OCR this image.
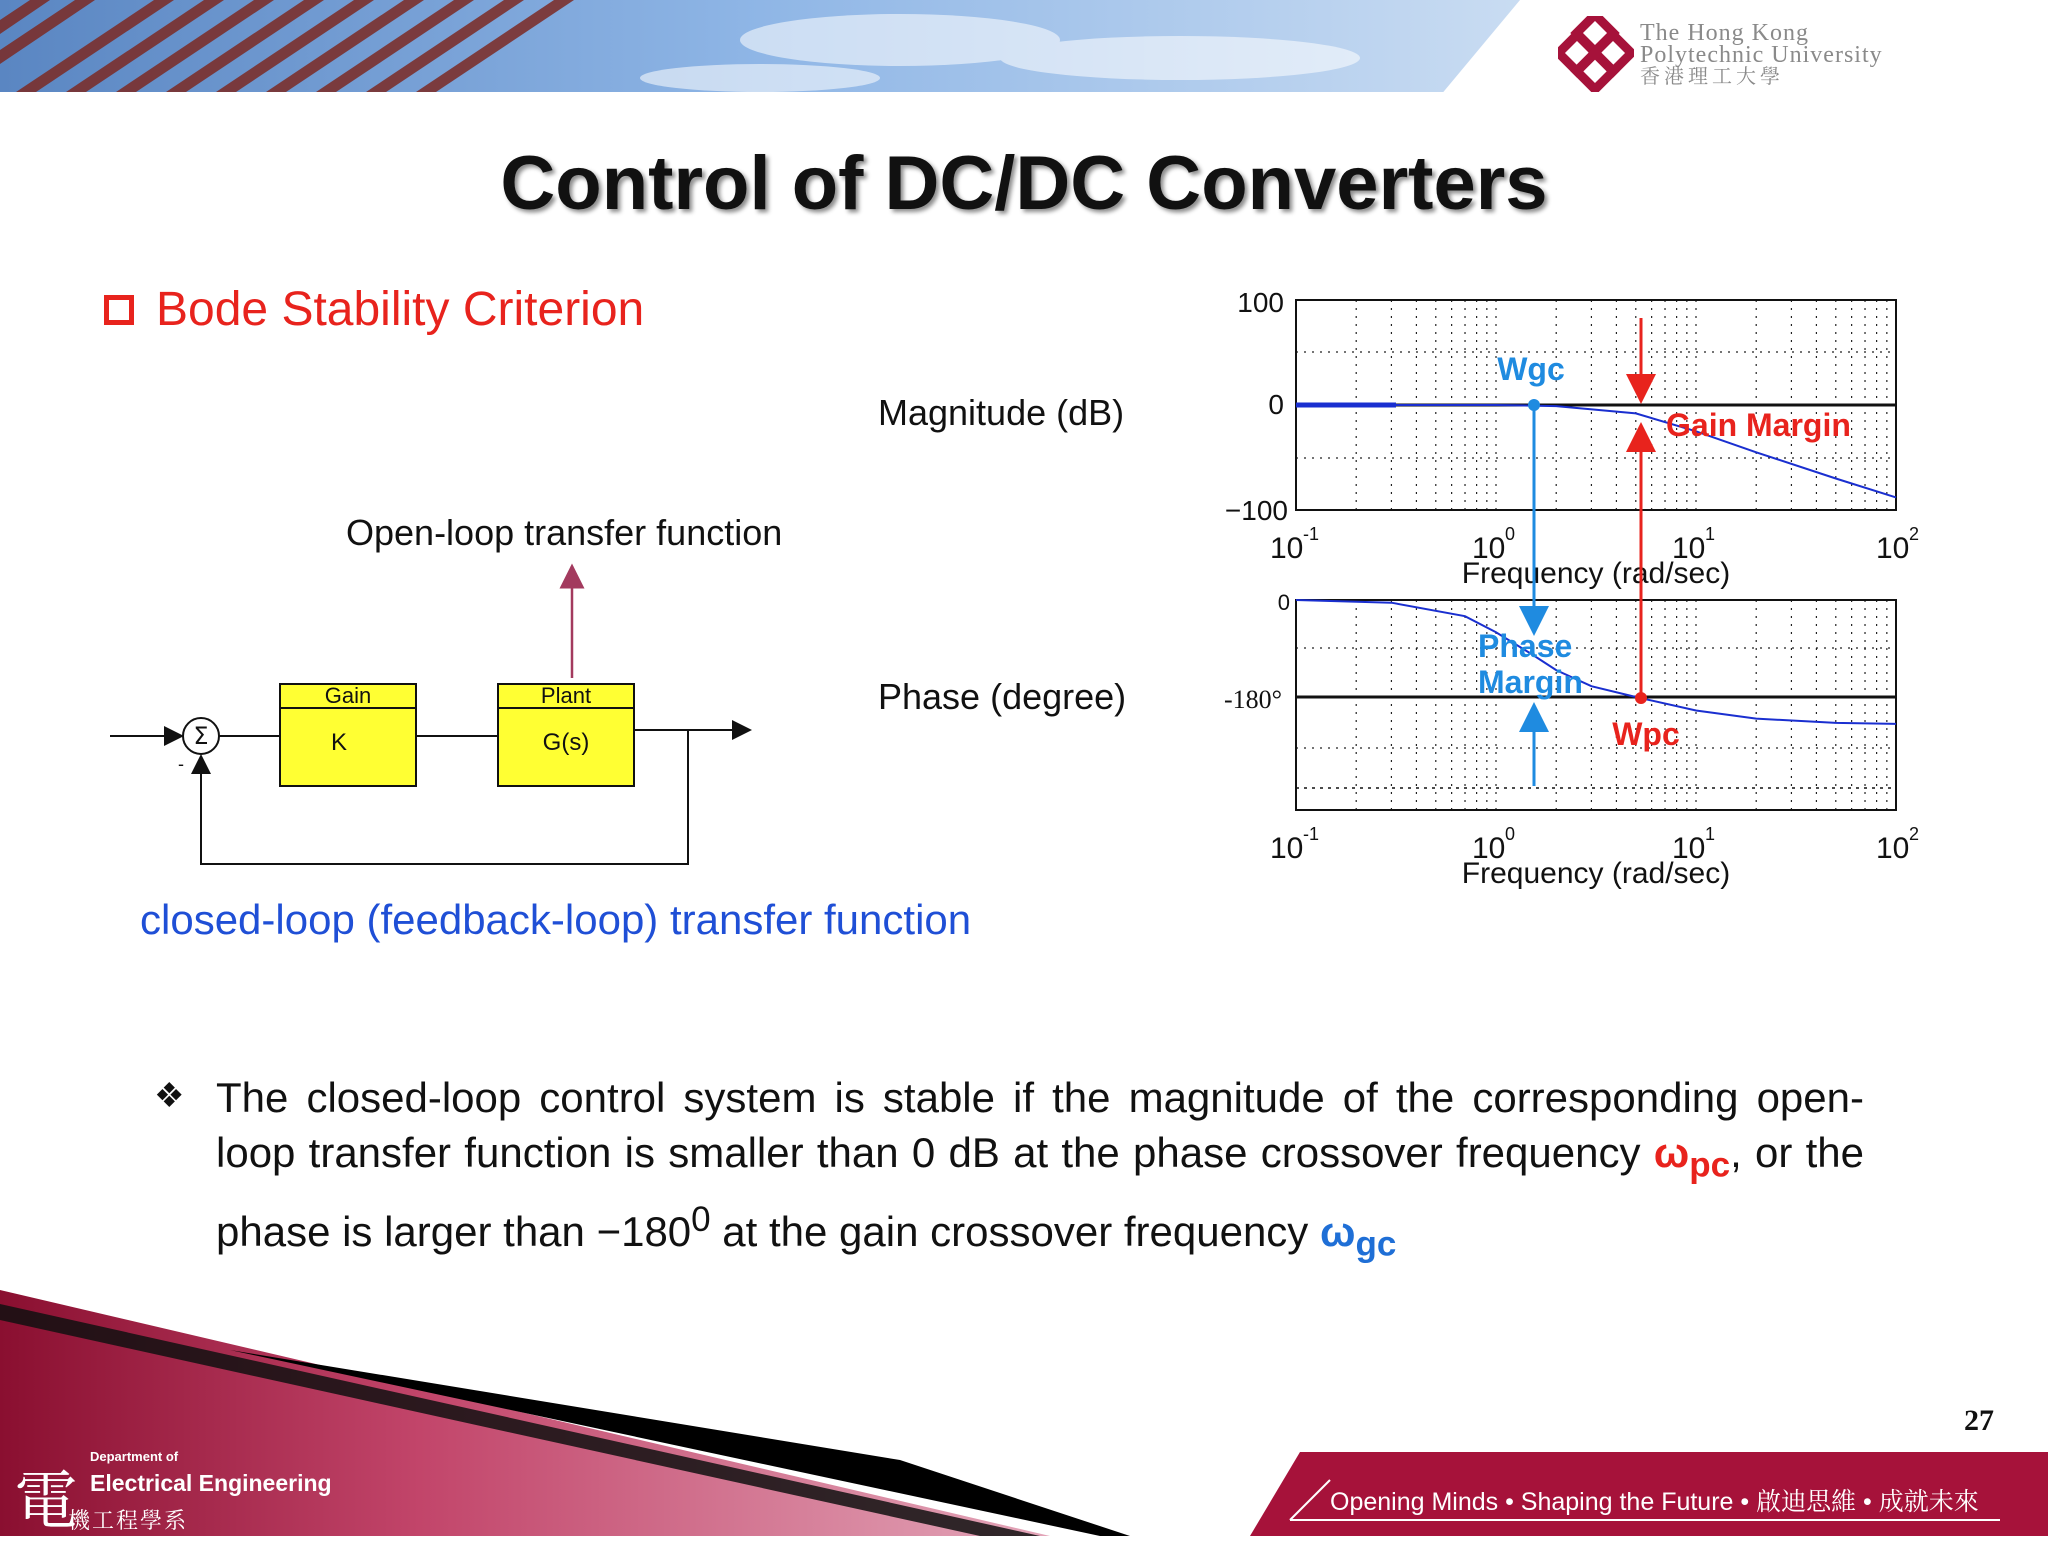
The Hong Kong
Polytechnic University
香港理工大學
Control of DC/DC Converters
Bode Stability Criterion
Magnitude (dB)
Phase (degree)
Open-loop transfer function
closed-loop (feedback-loop) transfer function
Σ
-
Gain
K
Plant
G(s)
100
0
−100
0
-180°
10 -1	10 0	10 1	10 2
Frequency (rad/sec)
10 -1	10 0	10 1	10 2
Frequency (rad/sec)
Wgc
Phase
Margin
Gain Margin
Wpc
❖ The closed-loop control system is stable if the magnitude of the corresponding open-loop transfer function is smaller than 0 dB at the phase crossover frequency $\omega_{pc}$, or the phase is larger than $-180^0$ at the gain crossover frequency $\omega_{gc}$
電
Department of
Electrical Engineering
機工程學系
Opening Minds • Shaping the Future • 啟迪思維 • 成就未來
27
